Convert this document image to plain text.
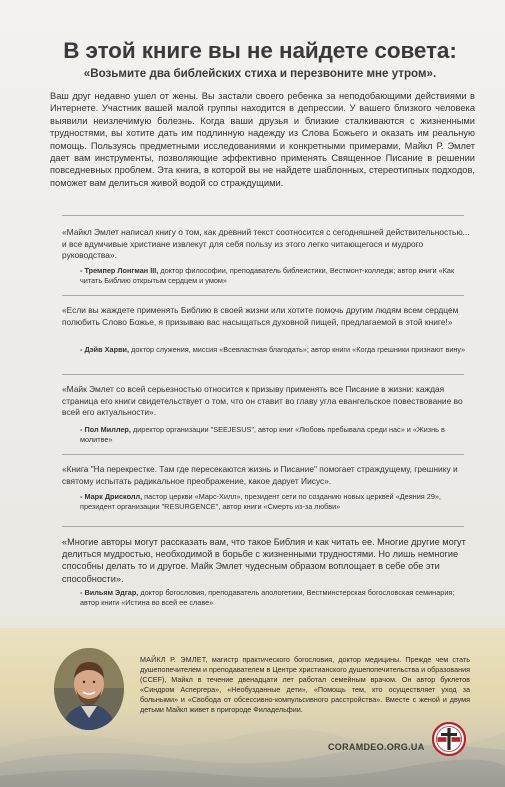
В этой книге вы не найдете совета:
«Возьмите два библейских стиха и перезвоните мне утром».
Ваш друг недавно ушел от жены. Вы застали своего ребенка за неподобающими действиями в Интернете. Участник вашей малой группы находится в депрессии. У вашего близкого человека выявили неизлечимую болезнь. Когда ваши друзья и близкие сталкиваются с жизненными трудностями, вы хотите дать им подлинную надежду из Слова Божьего и оказать им реальную помощь. Пользуясь предметными исследованиями и конкретными примерами, Майкл Р. Эмлет дает вам инструменты, позволяющие эффективно применять Священное Писание в решении повседневных проблем. Эта книга, в которой вы не найдете шаблонных, стереотипных подходов, поможет вам делиться живой водой со страждущими.
«Майкл Эмлет написал книгу о том, как древний текст соотносится с сегодняшней действительностью... и все вдумчивые христиане извлекут для себя пользу из этого легко читающегося и мудрого руководства».
- Тремпер Лонгман III, доктор философии, преподаватель библеистики, Вестмонт-колледж; автор книги «Как читать Библию открытым сердцем и умом»
«Если вы жаждете применять Библию в своей жизни или хотите помочь другим людям всем сердцем полюбить Слово Божье, я призываю вас насыщаться духовной пищей, предлагаемой в этой книге!»
- Дэйв Харви, доктор служения, миссия «Всевластная благодать»; автор книги «Когда грешники признают вину»
«Майк Эмлет со всей серьезностью относится к призыву применять все Писание в жизни: каждая страница его книги свидетельствует о том, что он ставит во главу угла евангельское повествование во всей его актуальности».
- Пол Миллер, директор организации "SEEJESUS", автор книг «Любовь пребывала среди нас» и «Жизнь в молитве»
«Книга "На перекрестке. Там где пересекаются жизнь и Писание" помогает страждущему, грешнику и святому испытать радикальное преображение, какое дарует Иисус».
- Марк Дрисколл, пастор церкви «Марс-Хилл», президент сети по созданию новых церквей «Деяния 29», президент организации "RESURGENCE", автор книги «Смерть из-за любви»
«Многие авторы могут рассказать вам, что такое Библия и как читать ее. Многие другие могут делиться мудростью, необходимой в борьбе с жизненными трудностями. Но лишь немногие способны делать то и другое. Майк Эмлет чудесным образом воплощает в себе обе эти способности».
- Вильям Эдгар, доктор богословия, преподаватель апологетики, Вестминстерская богословская семинария; автор книги «Истина во всей ее славе»
МАЙКЛ Р. ЭМЛЕТ, магистр практического богословия, доктор медицины. Прежде чем стать душепопечителем и преподавателем в Центре христианского душепопечительства и образования (CCEF), Майкл в течение двенадцати лет работал семейным врачом. Он автор буклетов «Синдром Аспергера», «Необузданные дети», «Помощь тем, кто осуществляет уход за больными» и «Свобода от обсессивно-компульсивного расстройства». Вместе с женой и двумя детьми Майкл живет в пригороде Филадельфии.
CORAMDEO.ORG.UA
